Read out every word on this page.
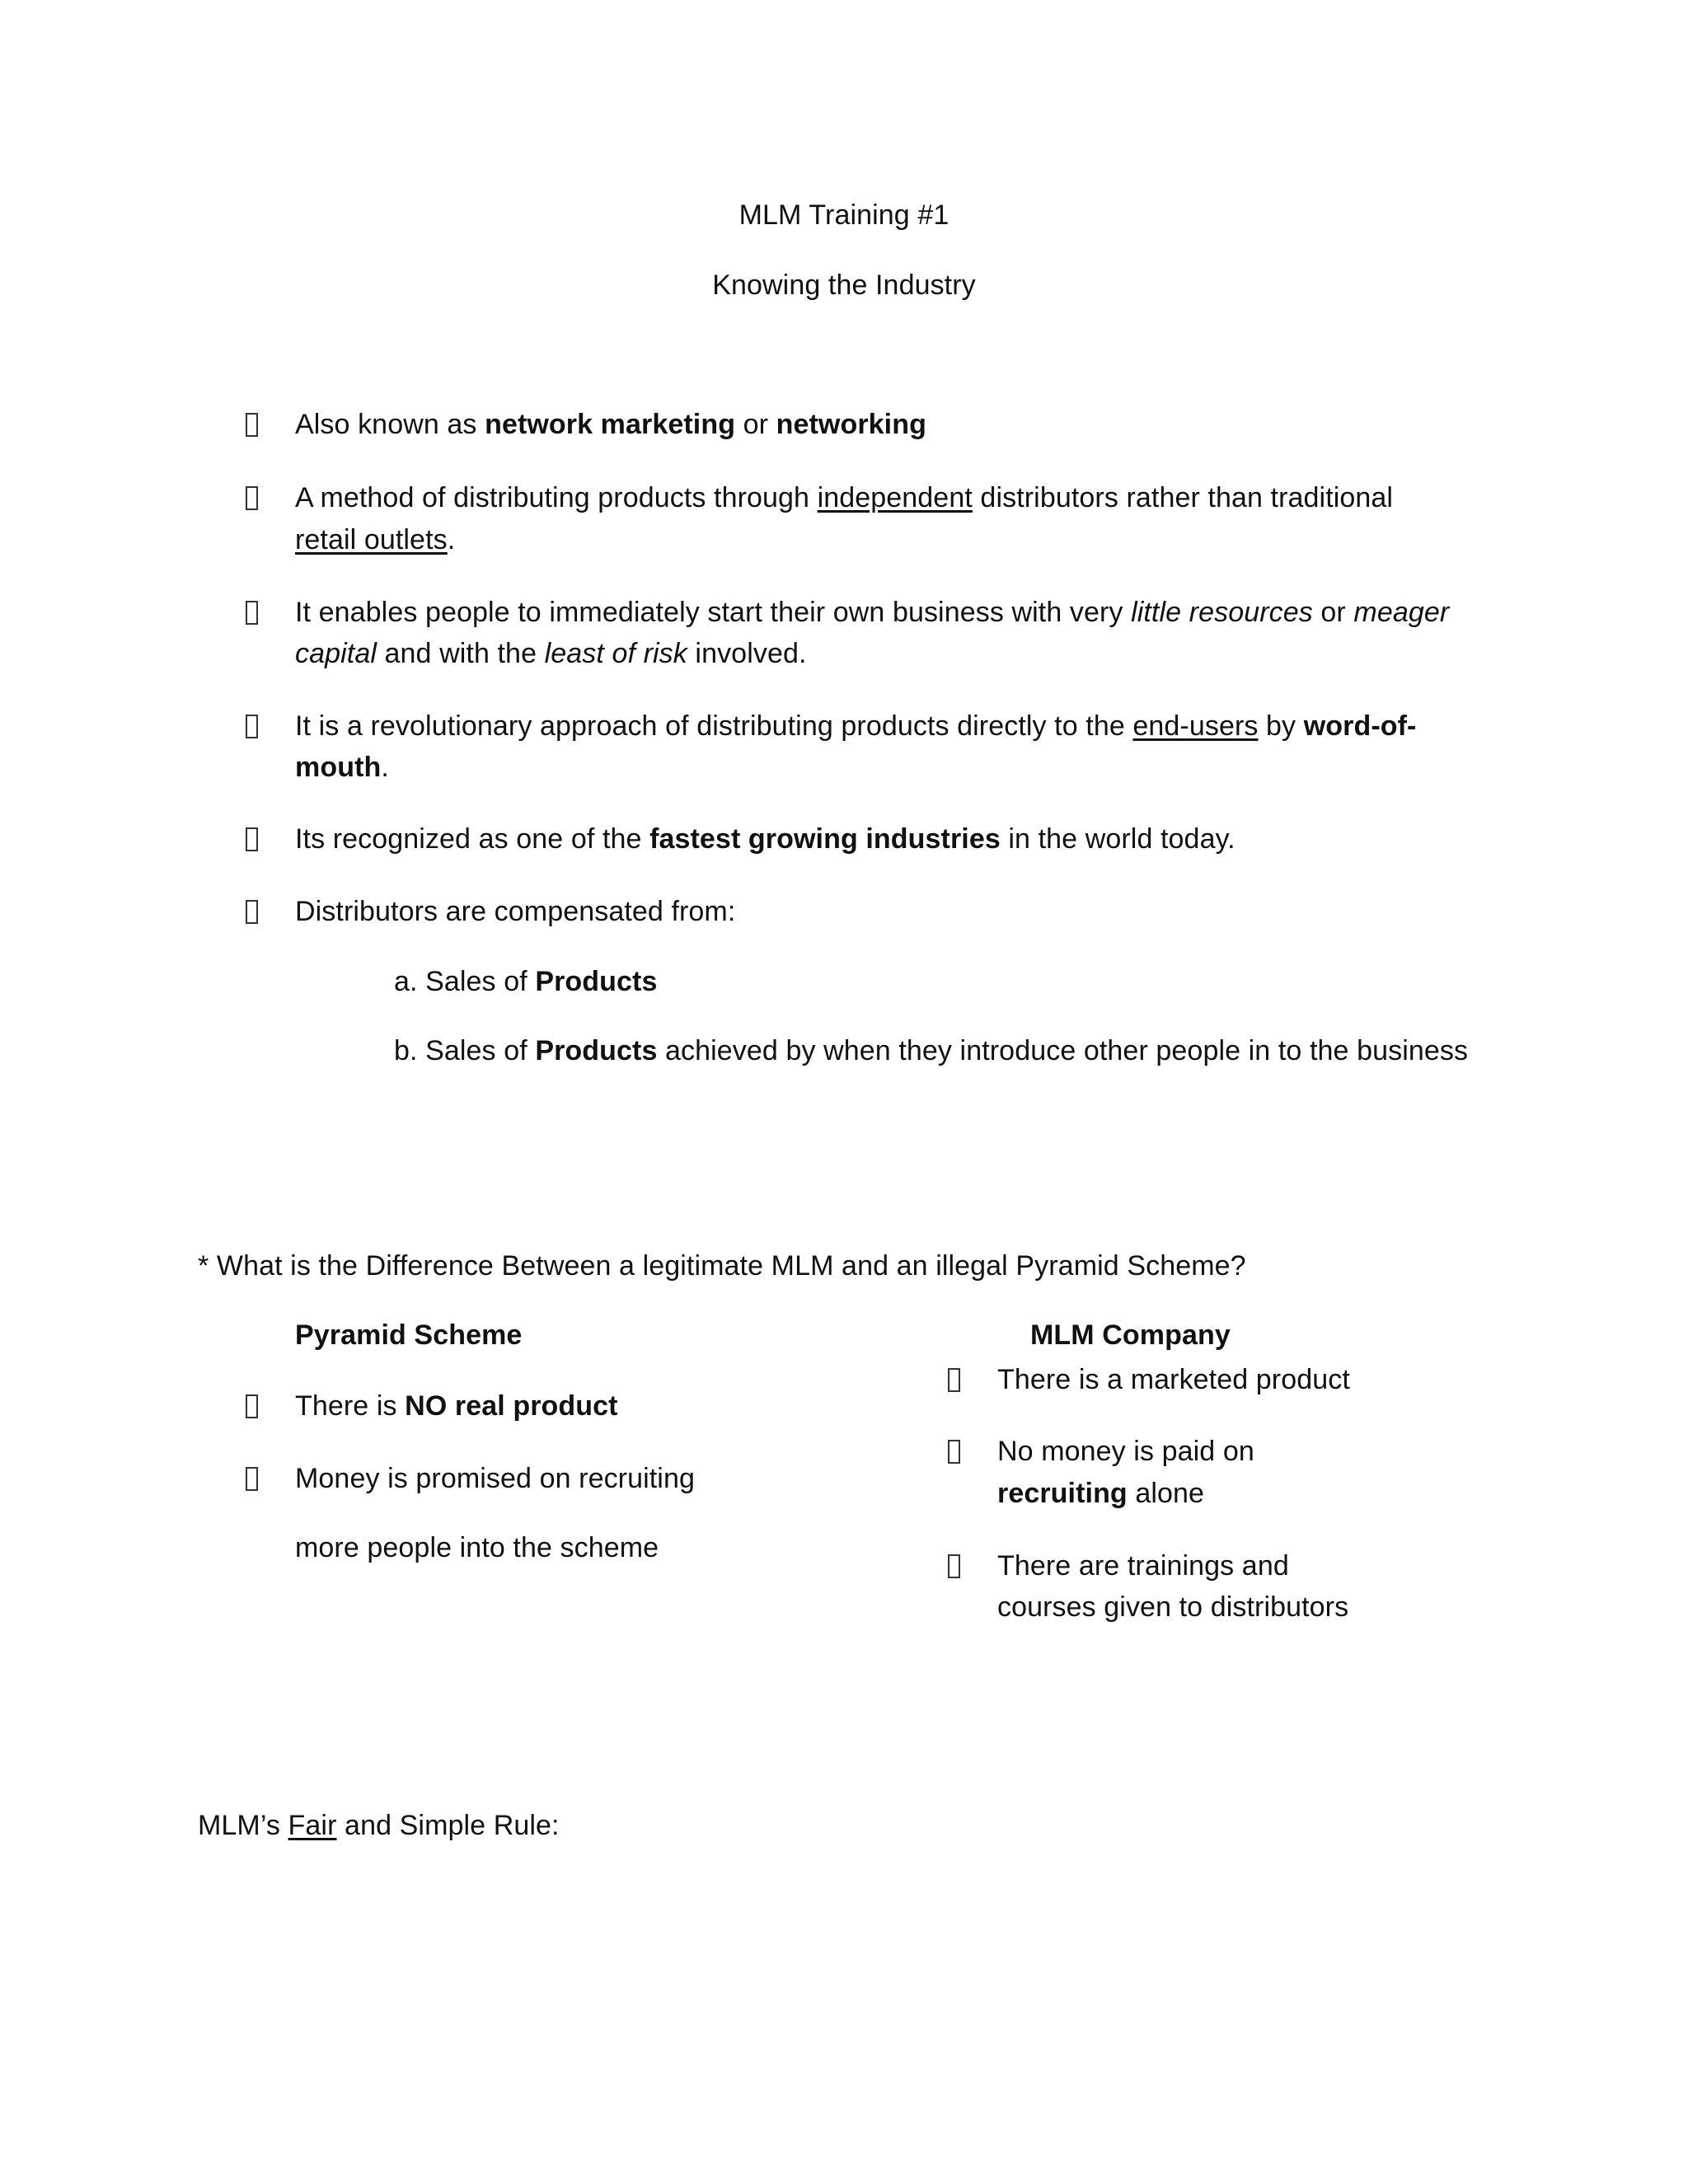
MLM Training #1
Knowing the Industry
Also known as network marketing or networking
A method of distributing products through independent distributors rather than traditional
retail outlets.
It enables people to immediately start their own business with very little resources or meager
capital and with the least of risk involved.
It is a revolutionary approach of distributing products directly to the end-users by word-of-
mouth.
Its recognized as one of the fastest growing industries in the world today.
Distributors are compensated from:
a. Sales of Products
b. Sales of Products achieved by when they introduce other people in to the business
* What is the Difference Between a legitimate MLM and an illegal Pyramid Scheme?
Pyramid Scheme
There is NO real product
Money is promised on recruiting
more people into the scheme
MLM Company
There is a marketed product
No money is paid on
recruiting alone
There are trainings and
courses given to distributors
MLM’s Fair and Simple Rule:
